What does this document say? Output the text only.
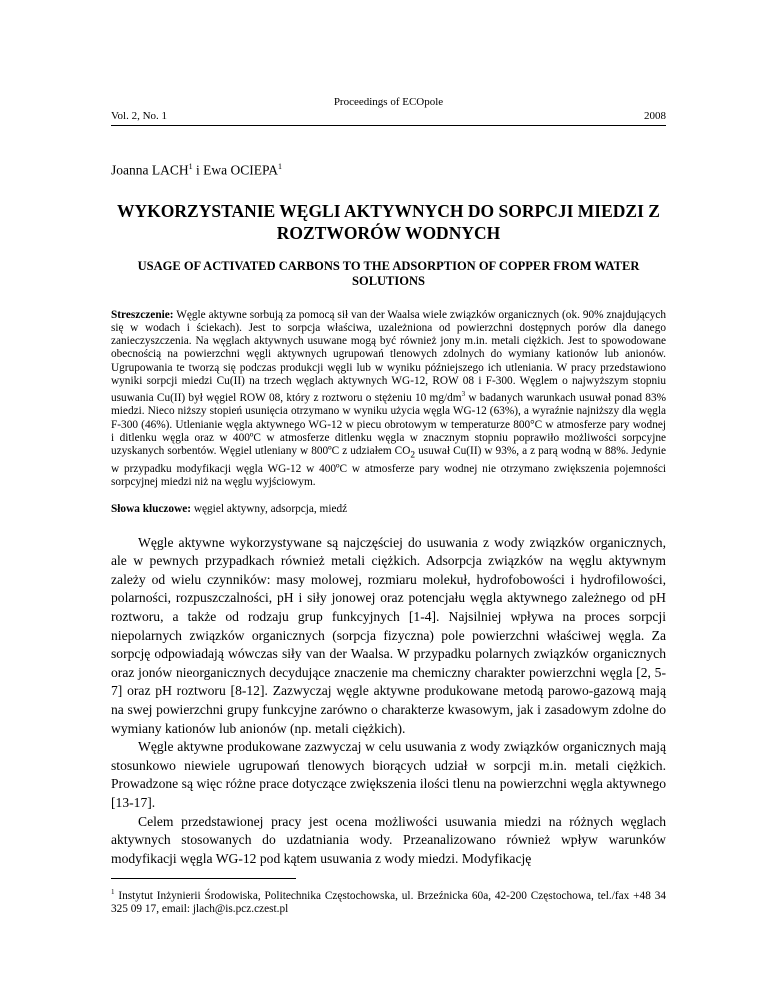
Proceedings of ECOpole
Vol. 2, No. 1	2008
Joanna LACH$^1$ i Ewa OCIEPA$^1$
WYKORZYSTANIE WĘGLI AKTYWNYCH DO SORPCJI MIEDZI Z ROZTWORÓW WODNYCH
USAGE OF ACTIVATED CARBONS TO THE ADSORPTION OF COPPER FROM WATER SOLUTIONS
Streszczenie: Węgle aktywne sorbują za pomocą sił van der Waalsa wiele związków organicznych (ok. 90% znajdujących się w wodach i ściekach). Jest to sorpcja właściwa, uzależniona od powierzchni dostępnych porów dla danego zanieczyszczenia. Na węglach aktywnych usuwane mogą być również jony m.in. metali ciężkich. Jest to spowodowane obecnością na powierzchni węgli aktywnych ugrupowań tlenowych zdolnych do wymiany kationów lub anionów. Ugrupowania te tworzą się podczas produkcji węgli lub w wyniku późniejszego ich utleniania. W pracy przedstawiono wyniki sorpcji miedzi Cu(II) na trzech węglach aktywnych WG-12, ROW 08 i F-300. Węglem o najwyższym stopniu usuwania Cu(II) był węgiel ROW 08, który z roztworu o stężeniu 10 $mg/dm^3$ w badanych warunkach usuwał ponad 83% miedzi. Nieco niższy stopień usunięcia otrzymano w wyniku użycia węgla WG-12 (63%), a wyraźnie najniższy dla węgla F-300 (46%). Utlenianie węgla aktywnego WG-12 w piecu obrotowym w temperaturze 800°C w atmosferze pary wodnej i ditlenku węgla oraz w 400ºC w atmosferze ditlenku węgla w znacznym stopniu poprawiło możliwości sorpcyjne uzyskanych sorbentów. Węgiel utleniany w 800ºC z udziałem $CO_2$ usuwał Cu(II) w 93%, a z parą wodną w 88%. Jedynie w przypadku modyfikacji węgla WG-12 w 400ºC w atmosferze pary wodnej nie otrzymano zwiększenia pojemności sorpcyjnej miedzi niż na węglu wyjściowym.
Słowa kluczowe: węgiel aktywny, adsorpcja, miedź

Węgle aktywne wykorzystywane są najczęściej do usuwania z wody związków organicznych, ale w pewnych przypadkach również metali ciężkich. Adsorpcja związków na węglu aktywnym zależy od wielu czynników: masy molowej, rozmiaru molekuł, hydrofobowości i hydrofilowości, polarności, rozpuszczalności, pH i siły jonowej oraz potencjału węgla aktywnego zależnego od pH roztworu, a także od rodzaju grup funkcyjnych [1-4]. Najsilniej wpływa na proces sorpcji niepolarnych związków organicznych (sorpcja fizyczna) pole powierzchni właściwej węgla. Za sorpcję odpowiadają wówczas siły van der Waalsa. W przypadku polarnych związków organicznych oraz jonów nieorganicznych decydujące znaczenie ma chemiczny charakter powierzchni węgla [2, 5-7] oraz pH roztworu [8-12]. Zazwyczaj węgle aktywne produkowane metodą parowo-gazową mają na swej powierzchni grupy funkcyjne zarówno o charakterze kwasowym, jak i zasadowym zdolne do wymiany kationów lub anionów (np. metali ciężkich).

Węgle aktywne produkowane zazwyczaj w celu usuwania z wody związków organicznych mają stosunkowo niewiele ugrupowań tlenowych biorących udział w sorpcji m.in. metali ciężkich. Prowadzone są więc różne prace dotyczące zwiększenia ilości tlenu na powierzchni węgla aktywnego [13-17].

Celem przedstawionej pracy jest ocena możliwości usuwania miedzi na różnych węglach aktywnych stosowanych do uzdatniania wody. Przeanalizowano również wpływ warunków modyfikacji węgla WG-12 pod kątem usuwania z wody miedzi. Modyfikację

$^1$ Instytut Inżynierii Środowiska, Politechnika Częstochowska, ul. Brzeźnicka 60a, 42-200 Częstochowa, tel./fax +48 34 325 09 17, email: jlach@is.pcz.czest.pl
